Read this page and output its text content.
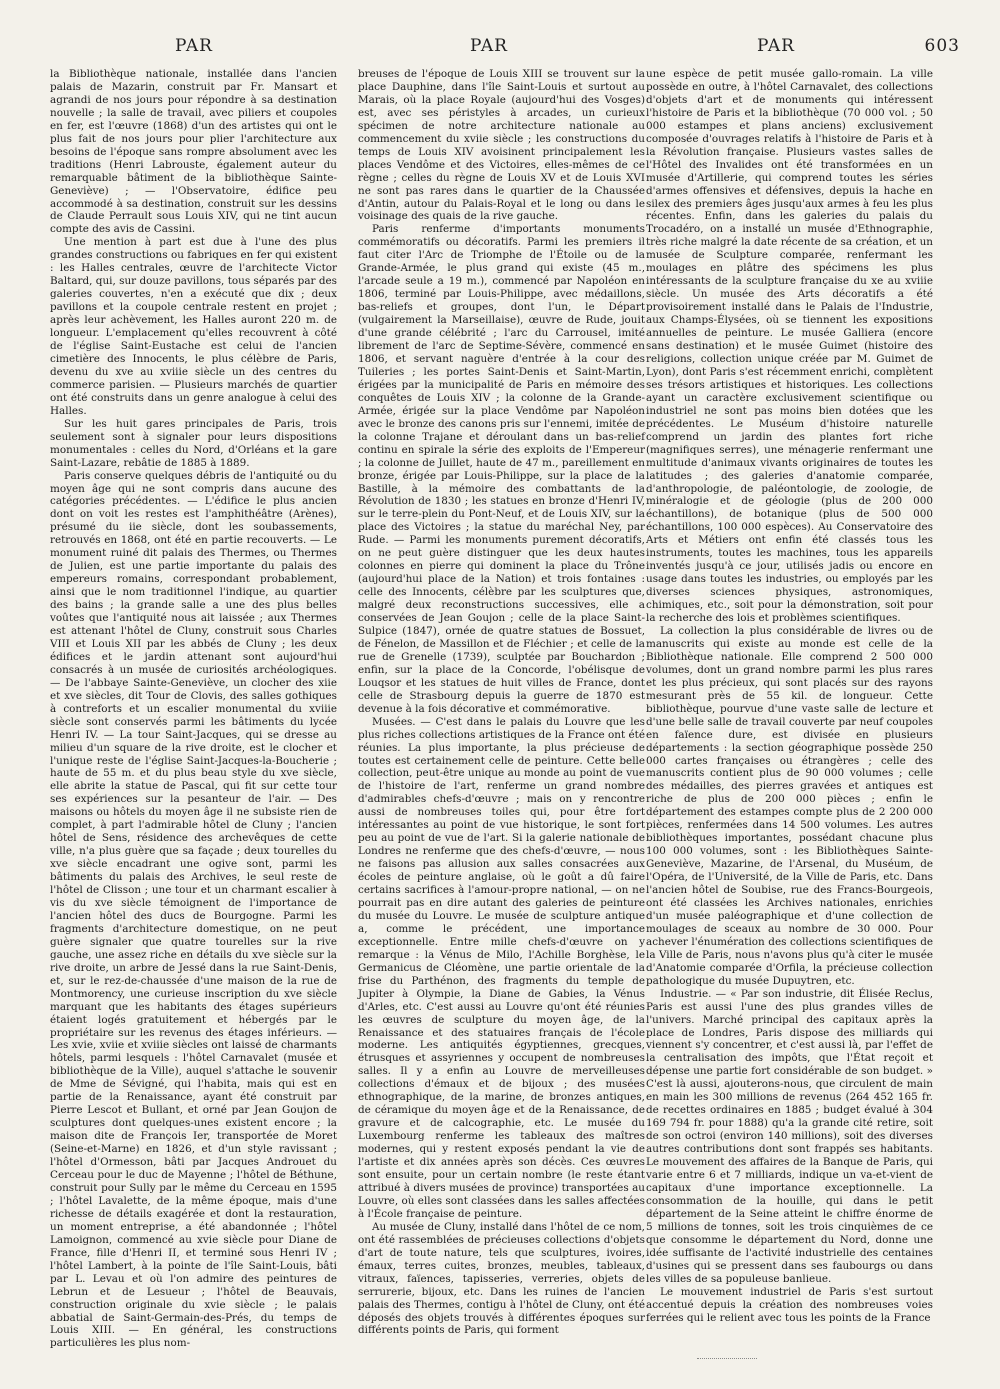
PAR	PAR	PAR	603

la Bibliothèque nationale, installée dans l'ancien palais de Mazarin, construit par Fr. Mansart et agrandi de nos jours pour répondre à sa destination nouvelle ; la salle de travail, avec piliers et coupoles en fer, est l'œuvre (1868) d'un des artistes qui ont le plus fait de nos jours pour plier l'architecture aux besoins de l'époque sans rompre absolument avec les traditions (Henri Labrouste, également auteur du remarquable bâtiment de la bibliothèque Sainte-Geneviève) ; — l'Observatoire, édifice peu accommodé à sa destination, construit sur les dessins de Claude Perrault sous Louis XIV, qui ne tint aucun compte des avis de Cassini.

Une mention à part est due à l'une des plus grandes constructions ou fabriques en fer qui existent : les Halles centrales, œuvre de l'architecte Victor Baltard, qui, sur douze pavillons, tous séparés par des galeries couvertes, n'en a exécuté que dix ; deux pavillons et la coupole centrale restent en projet ; après leur achèvement, les Halles auront 220 m. de longueur. L'emplacement qu'elles recouvrent à côté de l'église Saint-Eustache est celui de l'ancien cimetière des Innocents, le plus célèbre de Paris, devenu du xve au xviiie siècle un des centres du commerce parisien. — Plusieurs marchés de quartier ont été construits dans un genre analogue à celui des Halles.

Sur les huit gares principales de Paris, trois seulement sont à signaler pour leurs dispositions monumentales : celles du Nord, d'Orléans et la gare Saint-Lazare, rebâtie de 1885 à 1889.

Paris conserve quelques débris de l'antiquité ou du moyen âge qui ne sont compris dans aucune des catégories précédentes. — L'édifice le plus ancien dont on voit les restes est l'amphithéâtre (Arènes), présumé du iie siècle, dont les soubassements, retrouvés en 1868, ont été en partie recouverts. — Le monument ruiné dit palais des Thermes, ou Thermes de Julien, est une partie importante du palais des empereurs romains, correspondant probablement, ainsi que le nom traditionnel l'indique, au quartier des bains ; la grande salle a une des plus belles voûtes que l'antiquité nous ait laissée ; aux Thermes est attenant l'hôtel de Cluny, construit sous Charles VIII et Louis XII par les abbés de Cluny ; les deux édifices et le jardin attenant sont aujourd'hui consacrés à un musée de curiosités archéologiques. — De l'abbaye Sainte-Geneviève, un clocher des xiie et xve siècles, dit Tour de Clovis, des salles gothiques à contreforts et un escalier monumental du xviiie siècle sont conservés parmi les bâtiments du lycée Henri IV. — La tour Saint-Jacques, qui se dresse au milieu d'un square de la rive droite, est le clocher et l'unique reste de l'église Saint-Jacques-la-Boucherie ; haute de 55 m. et du plus beau style du xve siècle, elle abrite la statue de Pascal, qui fit sur cette tour ses expériences sur la pesanteur de l'air. — Des maisons ou hôtels du moyen âge il ne subsiste rien de complet, à part l'admirable hôtel de Cluny ; l'ancien hôtel de Sens, résidence des archevêques de cette ville, n'a plus guère que sa façade ; deux tourelles du xve siècle encadrant une ogive sont, parmi les bâtiments du palais des Archives, le seul reste de l'hôtel de Clisson ; une tour et un charmant escalier à vis du xve siècle témoignent de l'importance de l'ancien hôtel des ducs de Bourgogne. Parmi les fragments d'architecture domestique, on ne peut guère signaler que quatre tourelles sur la rive gauche, une assez riche en détails du xve siècle sur la rive droite, un arbre de Jessé dans la rue Saint-Denis, et, sur le rez-de-chaussée d'une maison de la rue de Montmorency, une curieuse inscription du xve siècle marquant que les habitants des étages supérieurs étaient logés gratuitement et hébergés par le propriétaire sur les revenus des étages inférieurs. — Les xvie, xviie et xviiie siècles ont laissé de charmants hôtels, parmi lesquels : l'hôtel Carnavalet (musée et bibliothèque de la Ville), auquel s'attache le souvenir de Mme de Sévigné, qui l'habita, mais qui est en partie de la Renaissance, ayant été construit par Pierre Lescot et Bullant, et orné par Jean Goujon de sculptures dont quelques-unes existent encore ; la maison dite de François Ier, transportée de Moret (Seine-et-Marne) en 1826, et d'un style ravissant ; l'hôtel d'Ormesson, bâti par Jacques Androuet du Cerceau pour le duc de Mayenne ; l'hôtel de Béthune, construit pour Sully par le même du Cerceau en 1595 ; l'hôtel Lavalette, de la même époque, mais d'une richesse de détails exagérée et dont la restauration, un moment entreprise, a été abandonnée ; l'hôtel Lamoignon, commencé au xvie siècle pour Diane de France, fille d'Henri II, et terminé sous Henri IV ; l'hôtel Lambert, à la pointe de l'île Saint-Louis, bâti par L. Levau et où l'on admire des peintures de Lebrun et de Lesueur ; l'hôtel de Beauvais, construction originale du xvie siècle ; le palais abbatial de Saint-Germain-des-Prés, du temps de Louis XIII. — En général, les constructions particulières les plus nom-

breuses de l'époque de Louis XIII se trouvent sur la place Dauphine, dans l'île Saint-Louis et surtout au Marais, où la place Royale (aujourd'hui des Vosges) est, avec ses péristyles à arcades, un curieux spécimen de notre architecture nationale au commencement du xviie siècle ; les constructions du temps de Louis XIV avoisinent principalement les places Vendôme et des Victoires, elles-mêmes de ce règne ; celles du règne de Louis XV et de Louis XVI ne sont pas rares dans le quartier de la Chaussée d'Antin, autour du Palais-Royal et le long ou dans le voisinage des quais de la rive gauche.

Paris renferme d'importants monuments commémoratifs ou décoratifs. Parmi les premiers il faut citer l'Arc de Triomphe de l'Étoile ou de la Grande-Armée, le plus grand qui existe (45 m., l'arcade seule a 19 m.), commencé par Napoléon en 1806, terminé par Louis-Philippe, avec médaillons, bas-reliefs et groupes, dont l'un, le Départ (vulgairement la Marseillaise), œuvre de Rude, jouit d'une grande célébrité ; l'arc du Carrousel, imité librement de l'arc de Septime-Sévère, commencé en 1806, et servant naguère d'entrée à la cour des Tuileries ; les portes Saint-Denis et Saint-Martin, érigées par la municipalité de Paris en mémoire des conquêtes de Louis XIV ; la colonne de la Grande-Armée, érigée sur la place Vendôme par Napoléon avec le bronze des canons pris sur l'ennemi, imitée de la colonne Trajane et déroulant dans un bas-relief continu en spirale la série des exploits de l'Empereur ; la colonne de Juillet, haute de 47 m., pareillement en bronze, érigée par Louis-Philippe, sur la place de la Bastille, à la mémoire des combattants de la Révolution de 1830 ; les statues en bronze d'Henri IV, sur le terre-plein du Pont-Neuf, et de Louis XIV, sur la place des Victoires ; la statue du maréchal Ney, par Rude. — Parmi les monuments purement décoratifs, on ne peut guère distinguer que les deux hautes colonnes en pierre qui dominent la place du Trône (aujourd'hui place de la Nation) et trois fontaines : celle des Innocents, célèbre par les sculptures que, malgré deux reconstructions successives, elle a conservées de Jean Goujon ; celle de la place Saint-Sulpice (1847), ornée de quatre statues de Bossuet, de Fénelon, de Massillon et de Fléchier ; et celle de la rue de Grenelle (1739), sculptée par Bouchardon ; enfin, sur la place de la Concorde, l'obélisque de Louqsor et les statues de huit villes de France, dont celle de Strasbourg depuis la guerre de 1870 est devenue à la fois décorative et commémorative.

Musées. — C'est dans le palais du Louvre que les plus riches collections artistiques de la France ont été réunies. La plus importante, la plus précieuse de toutes est certainement celle de peinture. Cette belle collection, peut-être unique au monde au point de vue de l'histoire de l'art, renferme un grand nombre d'admirables chefs-d'œuvre ; mais on y rencontre aussi de nombreuses toiles qui, pour être fort intéressantes au point de vue historique, le sont fort peu au point de vue de l'art. Si la galerie nationale de Londres ne renferme que des chefs-d'œuvre, — nous ne faisons pas allusion aux salles consacrées aux écoles de peinture anglaise, où le goût a dû faire certains sacrifices à l'amour-propre national, — on ne pourrait pas en dire autant des galeries de peinture du musée du Louvre. Le musée de sculpture antique a, comme le précédent, une importance exceptionnelle. Entre mille chefs-d'œuvre on y remarque : la Vénus de Milo, l'Achille Borghèse, le Germanicus de Cléomène, une partie orientale de la frise du Parthénon, des fragments du temple de Jupiter à Olympie, la Diane de Gabies, la Vénus d'Arles, etc. C'est aussi au Louvre qu'ont été réunies les œuvres de sculpture du moyen âge, de la Renaissance et des statuaires français de l'école moderne. Les antiquités égyptiennes, grecques, étrusques et assyriennes y occupent de nombreuses salles. Il y a enfin au Louvre de merveilleuses collections d'émaux et de bijoux ; des musées ethnographique, de la marine, de bronzes antiques, de céramique du moyen âge et de la Renaissance, de gravure et de calcographie, etc. Le musée du Luxembourg renferme les tableaux des maîtres modernes, qui y restent exposés pendant la vie de l'artiste et dix années après son décès. Ces œuvres sont ensuite, pour un certain nombre (le reste étant attribué à divers musées de province) transportées au Louvre, où elles sont classées dans les salles affectées à l'École française de peinture.

Au musée de Cluny, installé dans l'hôtel de ce nom, ont été rassemblées de précieuses collections d'objets d'art de toute nature, tels que sculptures, ivoires, émaux, terres cuites, bronzes, meubles, tableaux, vitraux, faïences, tapisseries, verreries, objets de serrurerie, bijoux, etc. Dans les ruines de l'ancien palais des Thermes, contigu à l'hôtel de Cluny, ont été déposés des objets trouvés à différentes époques sur différents points de Paris, qui forment

une espèce de petit musée gallo-romain. La ville possède en outre, à l'hôtel Carnavalet, des collections d'objets d'art et de monuments qui intéressent l'histoire de Paris et la bibliothèque (70 000 vol. ; 50 000 estampes et plans anciens) exclusivement composée d'ouvrages relatifs à l'histoire de Paris et à la Révolution française. Plusieurs vastes salles de l'Hôtel des Invalides ont été transformées en un musée d'Artillerie, qui comprend toutes les séries d'armes offensives et défensives, depuis la hache en silex des premiers âges jusqu'aux armes à feu les plus récentes. Enfin, dans les galeries du palais du Trocadéro, on a installé un musée d'Ethnographie, très riche malgré la date récente de sa création, et un musée de Sculpture comparée, renfermant les moulages en plâtre des spécimens les plus intéressants de la sculpture française du xe au xviiie siècle. Un musée des Arts décoratifs a été provisoirement installé dans le Palais de l'Industrie, aux Champs-Élysées, où se tiennent les expositions annuelles de peinture. Le musée Galliera (encore sans destination) et le musée Guimet (histoire des religions, collection unique créée par M. Guimet de Lyon), dont Paris s'est récemment enrichi, complètent ses trésors artistiques et historiques. Les collections ayant un caractère exclusivement scientifique ou industriel ne sont pas moins bien dotées que les précédentes. Le Muséum d'histoire naturelle comprend un jardin des plantes fort riche (magnifiques serres), une ménagerie renfermant une multitude d'animaux vivants originaires de toutes les latitudes ; des galeries d'anatomie comparée, d'anthropologie, de paléontologie, de zoologie, de minéralogie et de géologie (plus de 200 000 échantillons), de botanique (plus de 500 000 échantillons, 100 000 espèces). Au Conservatoire des Arts et Métiers ont enfin été classés tous les instruments, toutes les machines, tous les appareils inventés jusqu'à ce jour, utilisés jadis ou encore en usage dans toutes les industries, ou employés par les diverses sciences physiques, astronomiques, chimiques, etc., soit pour la démonstration, soit pour la recherche des lois et problèmes scientifiques.

La collection la plus considérable de livres ou de manuscrits qui existe au monde est celle de la Bibliothèque nationale. Elle comprend 2 500 000 volumes, dont un grand nombre parmi les plus rares et les plus précieux, qui sont placés sur des rayons mesurant près de 55 kil. de longueur. Cette bibliothèque, pourvue d'une vaste salle de lecture et d'une belle salle de travail couverte par neuf coupoles en faïence dure, est divisée en plusieurs départements : la section géographique possède 250 000 cartes françaises ou étrangères ; celle des manuscrits contient plus de 90 000 volumes ; celle des médailles, des pierres gravées et antiques est riche de plus de 200 000 pièces ; enfin le département des estampes compte plus de 2 200 000 pièces, renfermées dans 14 500 volumes. Les autres bibliothèques importantes, possédant chacune plus 100 000 volumes, sont : les Bibliothèques Sainte-Geneviève, Mazarine, de l'Arsenal, du Muséum, de l'Opéra, de l'Université, de la Ville de Paris, etc. Dans l'ancien hôtel de Soubise, rue des Francs-Bourgeois, ont été classées les Archives nationales, enrichies d'un musée paléographique et d'une collection de moulages de sceaux au nombre de 30 000. Pour achever l'énumération des collections scientifiques de la Ville de Paris, nous n'avons plus qu'à citer le musée d'Anatomie comparée d'Orfila, la précieuse collection pathologique du musée Dupuytren, etc.

Industrie. — « Par son industrie, dit Élisée Reclus, Paris est aussi l'une des plus grandes villes de l'univers. Marché principal des capitaux après la place de Londres, Paris dispose des milliards qui viennent s'y concentrer, et c'est aussi là, par l'effet de la centralisation des impôts, que l'État reçoit et dépense une partie fort considérable de son budget. » C'est là aussi, ajouterons-nous, que circulent de main en main les 300 millions de revenus (264 452 165 fr. de recettes ordinaires en 1885 ; budget évalué à 304 169 794 fr. pour 1888) qu'a la grande cité retire, soit de son octroi (environ 140 millions), soit des diverses autres contributions dont sont frappés ses habitants. Le mouvement des affaires de la Banque de Paris, qui varie entre 6 et 7 milliards, indique un va-et-vient de capitaux d'une importance exceptionnelle. La consommation de la houille, qui dans le petit département de la Seine atteint le chiffre énorme de 5 millions de tonnes, soit les trois cinquièmes de ce que consomme le département du Nord, donne une idée suffisante de l'activité industrielle des centaines d'usines qui se pressent dans ses faubourgs ou dans les villes de sa populeuse banlieue.

Le mouvement industriel de Paris s'est surtout accentué depuis la création des nombreuses voies ferrées qui le relient avec tous les points de la France
